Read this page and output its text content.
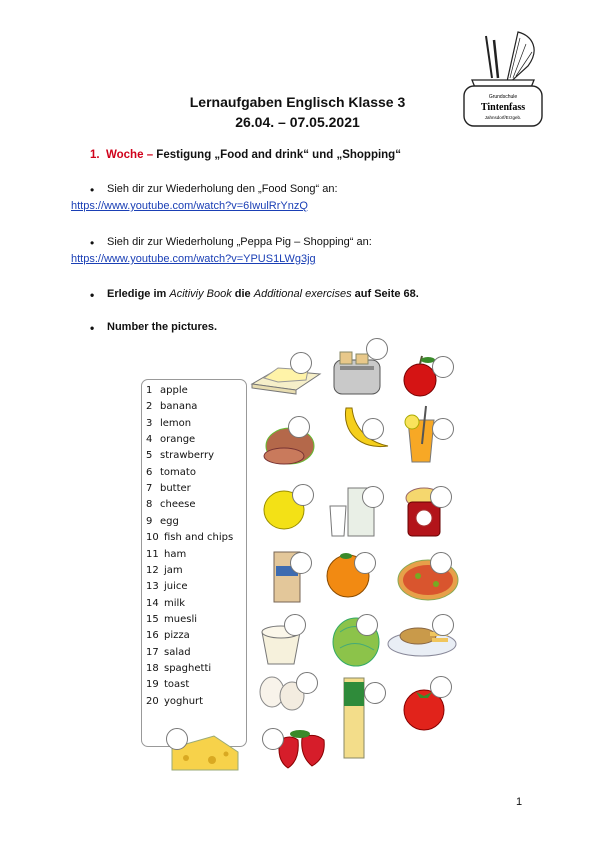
Grundschule
Tintenfass
Jahnsdorf/Erzgeb.
Lernaufgaben Englisch Klasse 3
26.04. – 07.05.2021
1. Woche – Festigung „Food and drink“ und „Shopping“
• Sieh dir zur Wiederholung den „Food Song“ an:
https://www.youtube.com/watch?v=6IwulRrYnzQ
• Sieh dir zur Wiederholung „Peppa Pig – Shopping“ an:
https://www.youtube.com/watch?v=YPUS1LWg3jg
• Erledige im Acitiviy Book die Additional exercises auf Seite 68.
• Number the pictures.
1 apple
2 banana
3 lemon
4 orange
5 strawberry
6 tomato
7 butter
8 cheese
9 egg
10 fish and chips
11 ham
12 jam
13 juice
14 milk
15 muesli
16 pizza
17 salad
18 spaghetti
19 toast
20 yoghurt
1
